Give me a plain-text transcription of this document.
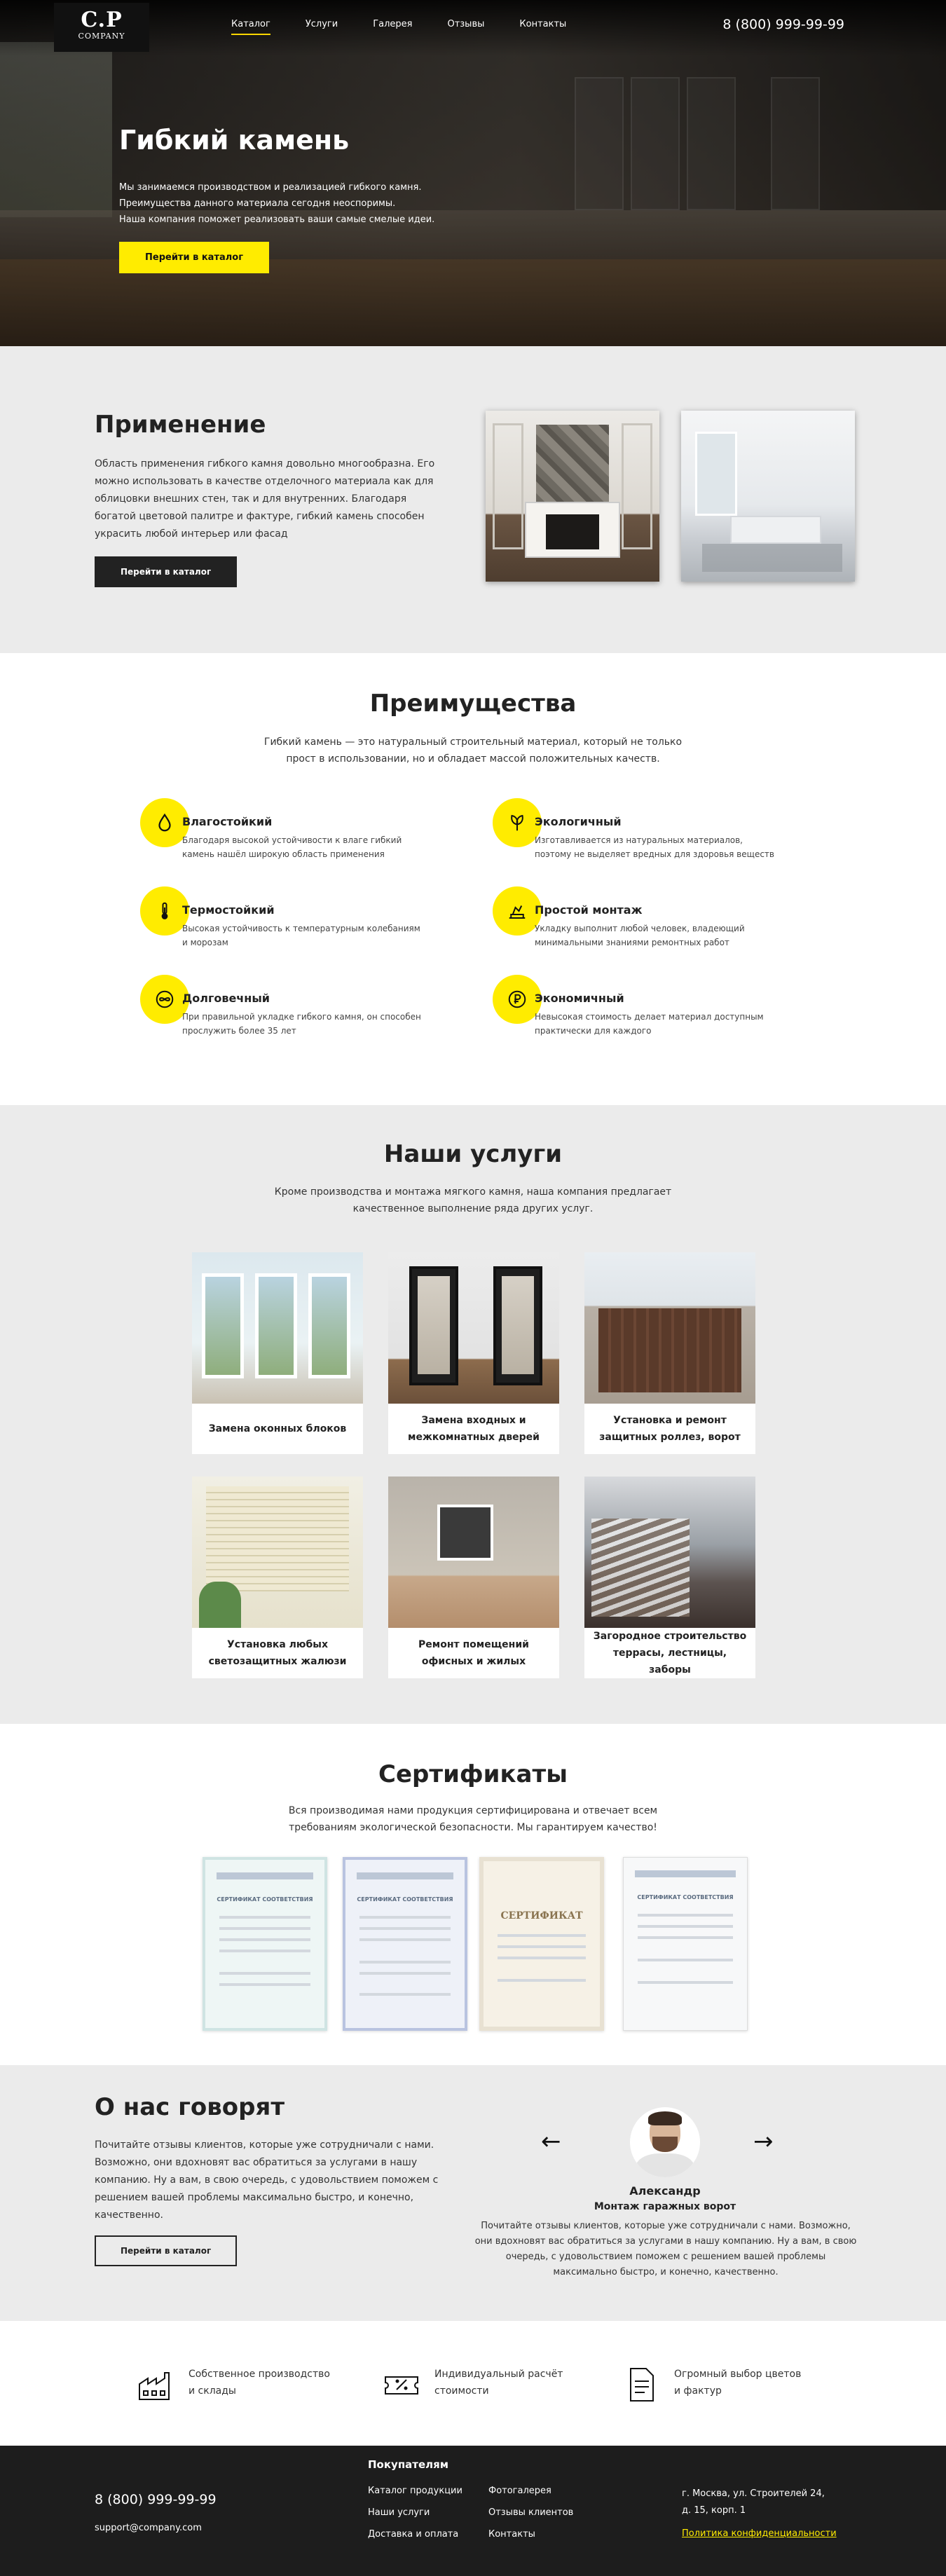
C.P
COMPANY
Каталог	Услуги	Галерея	Отзывы	Контакты	8 (800) 999-99-99
Гибкий камень

Мы занимаемся производством и реализацией гибкого камня.
Преимущества данного материала сегодня неоспоримы.
Наша компания поможет реализовать ваши самые смелые идеи.

Перейти в каталог
Применение

Область применения гибкого камня довольно многообразна. Его можно использовать в качестве отделочного материала как для облицовки внешних стен, так и для внутренних. Благодаря богатой цветовой палитре и фактуре, гибкий камень способен украсить любой интерьер или фасад

Перейти в каталог
Преимущества
Гибкий камень — это натуральный строительный материал, который не только
прост в использовании, но и обладает массой положительных качеств.
Влагостойкий

Благодаря высокой устойчивости к влаге гибкий камень нашёл широкую область применения

Экологичный

Изготавливается из натуральных материалов, поэтому не выделяет вредных для здоровья веществ

Термостойкий

Высокая устойчивость к температурным колебаниям и морозам

Простой монтаж

Укладку выполнит любой человек, владеющий минимальными знаниями ремонтных работ

Долговечный

При правильной укладке гибкого камня, он способен прослужить более 35 лет

Экономичный

Невысокая стоимость делает материал доступным практически для каждого

Наши услуги
Кроме производства и монтажа мягкого камня, наша компания предлагает
качественное выполнение ряда других услуг.
Замена оконных блоков
Замена входных и межкомнатных дверей
Установка и ремонт защитных роллез, ворот
Установка любых светозащитных жалюзи
Ремонт помещений офисных и жилых
Загородное строительство террасы, лестницы, заборы
Сертификаты
Вся производимая нами продукция сертифицирована и отвечает всем
требованиям экологической безопасности. Мы гарантируем качество!
СЕРТИФИКАТ СООТВЕТСТВИЯ	СЕРТИФИКАТ СООТВЕТСТВИЯ
СЕРТИФИКАТ
СЕРТИФИКАТ СООТВЕТСТВИЯ
О нас говорят

Почитайте отзывы клиентов, которые уже сотрудничали с нами. Возможно, они вдохновят вас обратиться за услугами в нашу компанию. Ну а вам, в свою очередь, с удовольствием поможем с решением вашей проблемы максимально быстро, и конечно, качественно.

Перейти в каталог
←	→
Александр
Монтаж гаражных ворот

Почитайте отзывы клиентов, которые уже сотрудничали с нами. Возможно, они вдохновят вас обратиться за услугами в нашу компанию. Ну а вам, в свою очередь, с удовольствием поможем с решением вашей проблемы максимально быстро, и конечно, качественно.

Собственное производство
и склады

Индивидуальный расчёт
стоимости

Огромный выбор цветов
и фактур

8 (800) 999-99-99
support@company.com
Покупателям
Каталог продукции	Фотогалерея
Наши услуги	Отзывы клиентов
Доставка и оплата	Контакты
г. Москва, ул. Строителей 24,
д. 15, корп. 1
Политика конфиденциальности
